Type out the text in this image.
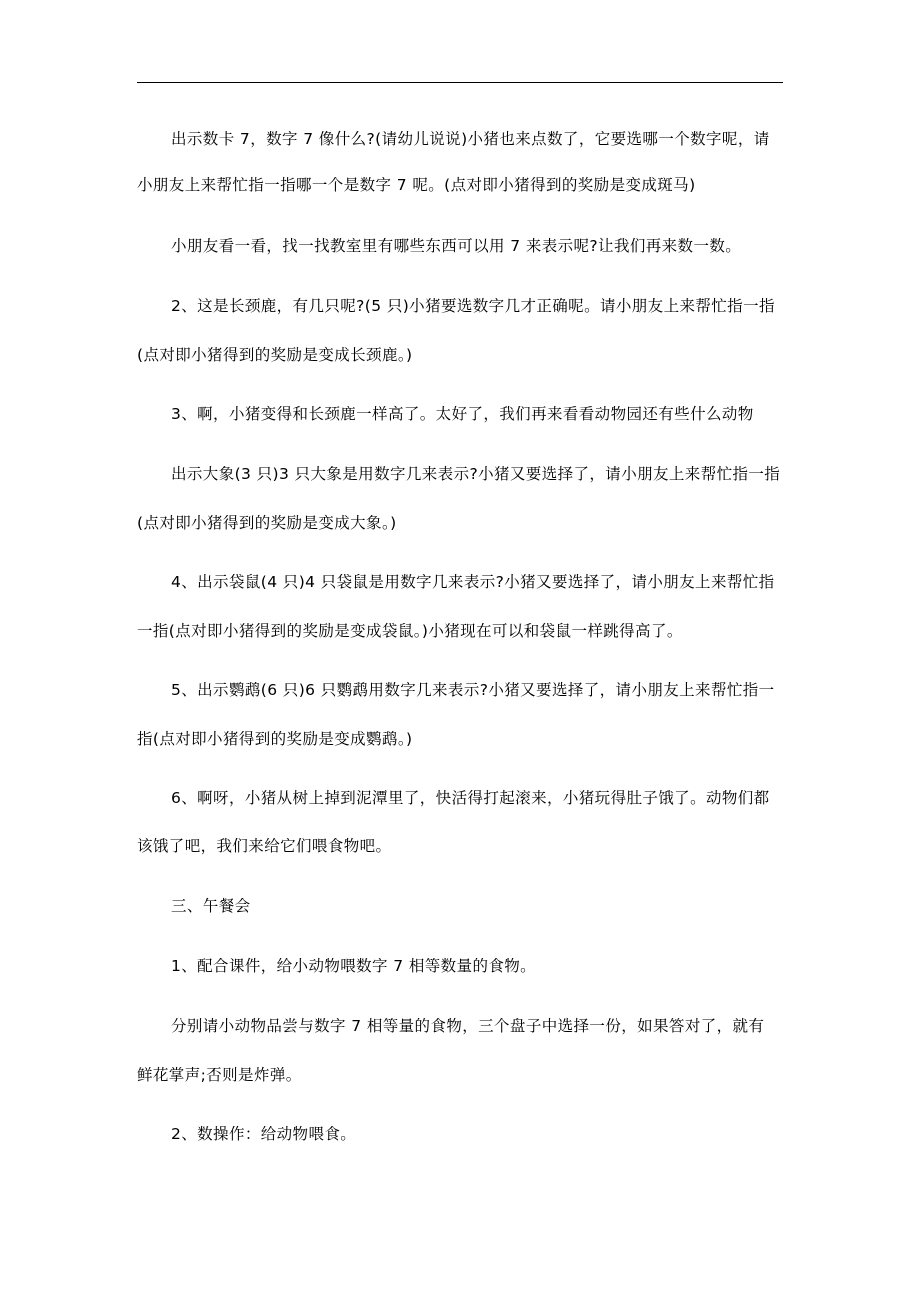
出示数卡 7，数字 7 像什么?(请幼儿说说)小猪也来点数了，它要选哪一个数字呢，请
小朋友上来帮忙指一指哪一个是数字 7 呢。(点对即小猪得到的奖励是变成斑马)
小朋友看一看，找一找教室里有哪些东西可以用 7 来表示呢?让我们再来数一数。
2、这是长颈鹿，有几只呢?(5 只)小猪要选数字几才正确呢。请小朋友上来帮忙指一指
(点对即小猪得到的奖励是变成长颈鹿。)
3、啊，小猪变得和长颈鹿一样高了。太好了，我们再来看看动物园还有些什么动物
出示大象(3 只)3 只大象是用数字几来表示?小猪又要选择了，请小朋友上来帮忙指一指
(点对即小猪得到的奖励是变成大象。)
4、出示袋鼠(4 只)4 只袋鼠是用数字几来表示?小猪又要选择了，请小朋友上来帮忙指
一指(点对即小猪得到的奖励是变成袋鼠。)小猪现在可以和袋鼠一样跳得高了。
5、出示鹦鹉(6 只)6 只鹦鹉用数字几来表示?小猪又要选择了，请小朋友上来帮忙指一
指(点对即小猪得到的奖励是变成鹦鹉。)
6、啊呀，小猪从树上掉到泥潭里了，快活得打起滚来，小猪玩得肚子饿了。动物们都
该饿了吧，我们来给它们喂食物吧。
三、午餐会
1、配合课件，给小动物喂数字 7 相等数量的食物。
分别请小动物品尝与数字 7 相等量的食物，三个盘子中选择一份，如果答对了，就有
鲜花掌声;否则是炸弹。
2、数操作：给动物喂食。
